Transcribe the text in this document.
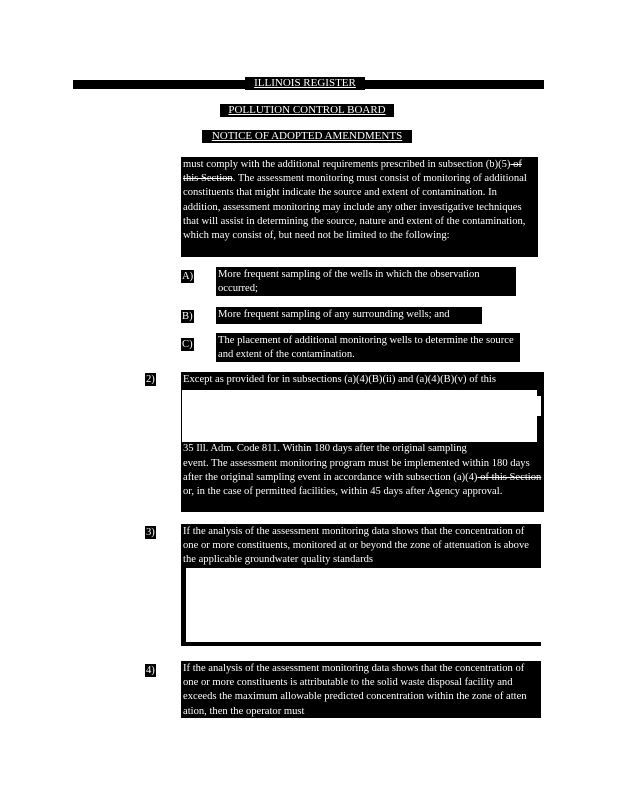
ILLINOIS REGISTER
POLLUTION CONTROL BOARD
NOTICE OF ADOPTED AMENDMENTS
must comply with the additional requirements prescribed in subsection (b)(5) of this Section. The assessment monitoring must consist of monitoring of additional constituents that might indicate the source and extent of contamination. In addition, assessment monitoring may include any other investigative techniques that will assist in determining the source, nature and extent of the contamination, which may consist of, but need not be limited to the following:
A) More frequent sampling of the wells in which the observation occurred;
B) More frequent sampling of any surrounding wells; and
C) The placement of additional monitoring wells to determine the source and extent of the contamination.
2)	Except as provided for in subsections (a)(4)(B)(ii) and (a)(4)(B)(v) of this
35 Ill. Adm. Code 811. Within 180 days after the original sampling
event. The assessment monitoring program must be implemented within 180 days after the original sampling event in accordance with subsection (a)(4) of this Section or, in the case of permitted facilities, within 45 days after Agency approval.
3)	If the analysis of the assessment monitoring data shows that the concentration of one or more constituents, monitored at or beyond the zone of attenuation is above the applicable groundwater quality standards
4)	If the analysis of the assessment monitoring data shows that the concentration of one or more constituents is attributable to the solid waste disposal facility and exceeds the maximum allowable predicted concentration within the zone of atten ation, then the operator must
